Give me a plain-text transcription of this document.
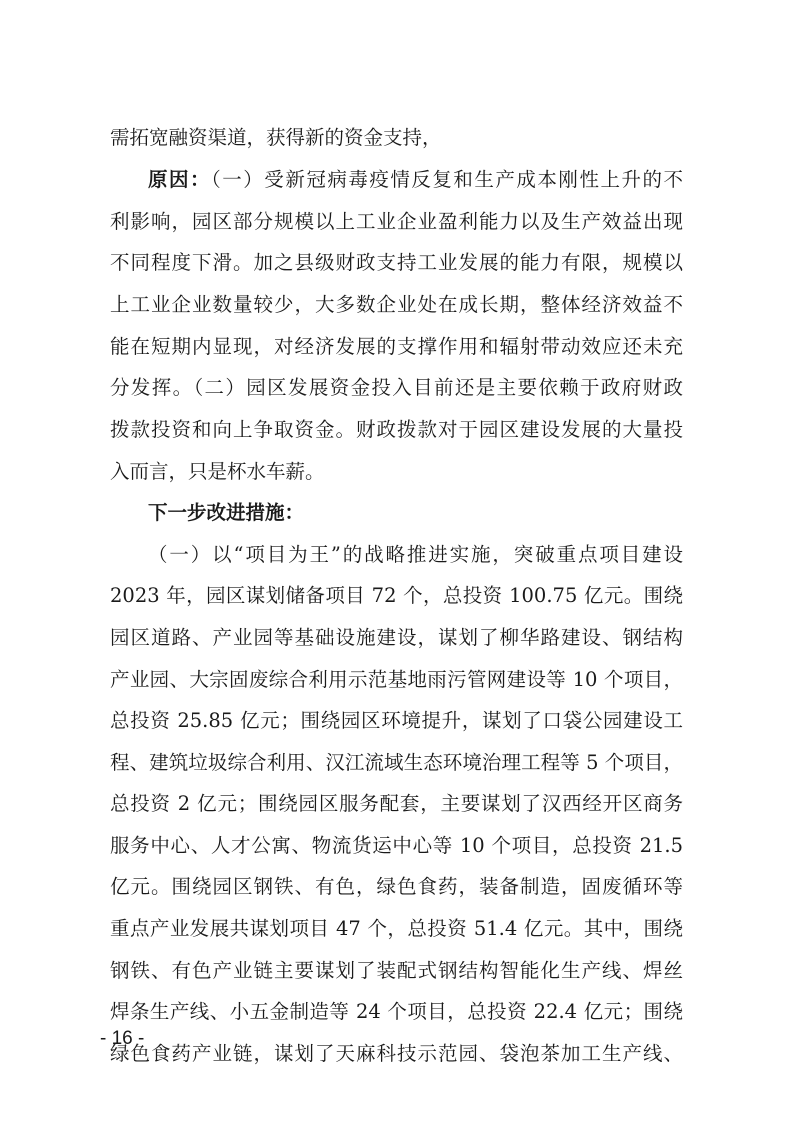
需拓宽融资渠道，获得新的资金支持，
原因：（一）受新冠病毒疫情反复和生产成本刚性上升的不
利影响，园区部分规模以上工业企业盈利能力以及生产效益出现
不同程度下滑。加之县级财政支持工业发展的能力有限，规模以
上工业企业数量较少，大多数企业处在成长期，整体经济效益不
能在短期内显现，对经济发展的支撑作用和辐射带动效应还未充
分发挥。（二）园区发展资金投入目前还是主要依赖于政府财政
拨款投资和向上争取资金。财政拨款对于园区建设发展的大量投
入而言，只是杯水车薪。
下一步改进措施：
（一）以“项目为王”的战略推进实施，突破重点项目建设
2023 年，园区谋划储备项目 72 个，总投资 100.75 亿元。围绕
园区道路、产业园等基础设施建设，谋划了柳华路建设、钢结构
产业园、大宗固废综合利用示范基地雨污管网建设等 10 个项目，
总投资 25.85 亿元；围绕园区环境提升，谋划了口袋公园建设工
程、建筑垃圾综合利用、汉江流域生态环境治理工程等 5 个项目，
总投资 2 亿元；围绕园区服务配套，主要谋划了汉西经开区商务
服务中心、人才公寓、物流货运中心等 10 个项目，总投资 21.5
亿元。围绕园区钢铁、有色，绿色食药，装备制造，固废循环等
重点产业发展共谋划项目 47 个，总投资 51.4 亿元。其中，围绕
钢铁、有色产业链主要谋划了装配式钢结构智能化生产线、焊丝
焊条生产线、小五金制造等 24 个项目，总投资 22.4 亿元；围绕
绿色食药产业链，谋划了天麻科技示范园、袋泡茶加工生产线、
- 16 -
